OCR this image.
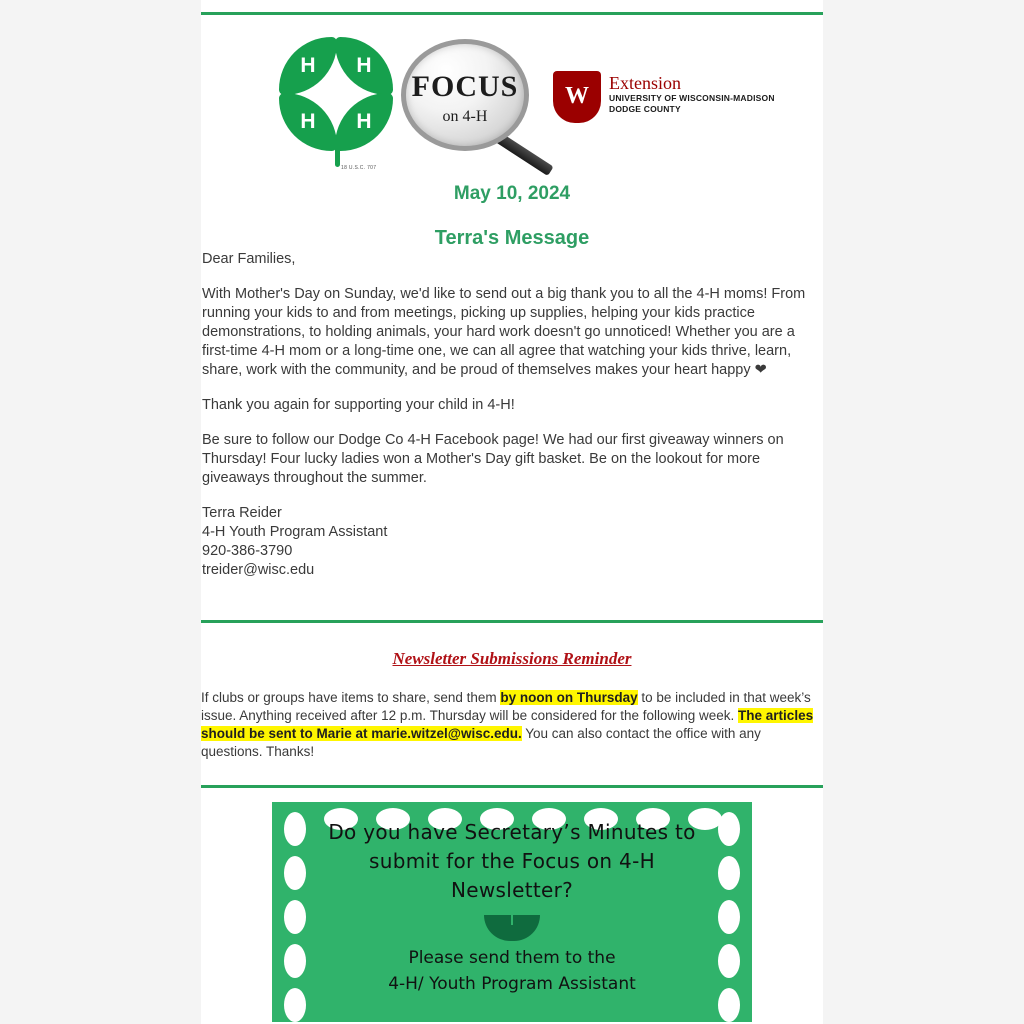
H H
H
H
18 U.S.C. 707
FOCUS
on 4-H
W	Extension
UNIVERSITY OF WISCONSIN-MADISON
DODGE COUNTY
May 10, 2024
Terra's Message

Dear Families,

With Mother's Day on Sunday, we'd like to send out a big thank you to all the 4-H moms! From running your kids to and from meetings, picking up supplies, helping your kids practice demonstrations, to holding animals, your hard work doesn't go unnoticed! Whether you are a first-time 4-H mom or a long-time one, we can all agree that watching your kids thrive, learn, share, work with the community, and be proud of themselves makes your heart happy ❤

Thank you again for supporting your child in 4-H!

Be sure to follow our Dodge Co 4-H Facebook page! We had our first giveaway winners on Thursday! Four lucky ladies won a Mother's Day gift basket. Be on the lookout for more giveaways throughout the summer.

Terra Reider

4-H Youth Program Assistant

920-386-3790

treider@wisc.edu

Newsletter Submissions Reminder
If clubs or groups have items to share, send them by noon on Thursday to be included in that week’s issue. Anything received after 12 p.m. Thursday will be considered for the following week. The articles should be sent to Marie at marie.witzel@wisc.edu. You can also contact the office with any questions. Thanks!
Do you have Secretary’s Minutes to
submit for the Focus on 4-H
Newsletter?
Please send them to the
4-H/ Youth Program Assistant
